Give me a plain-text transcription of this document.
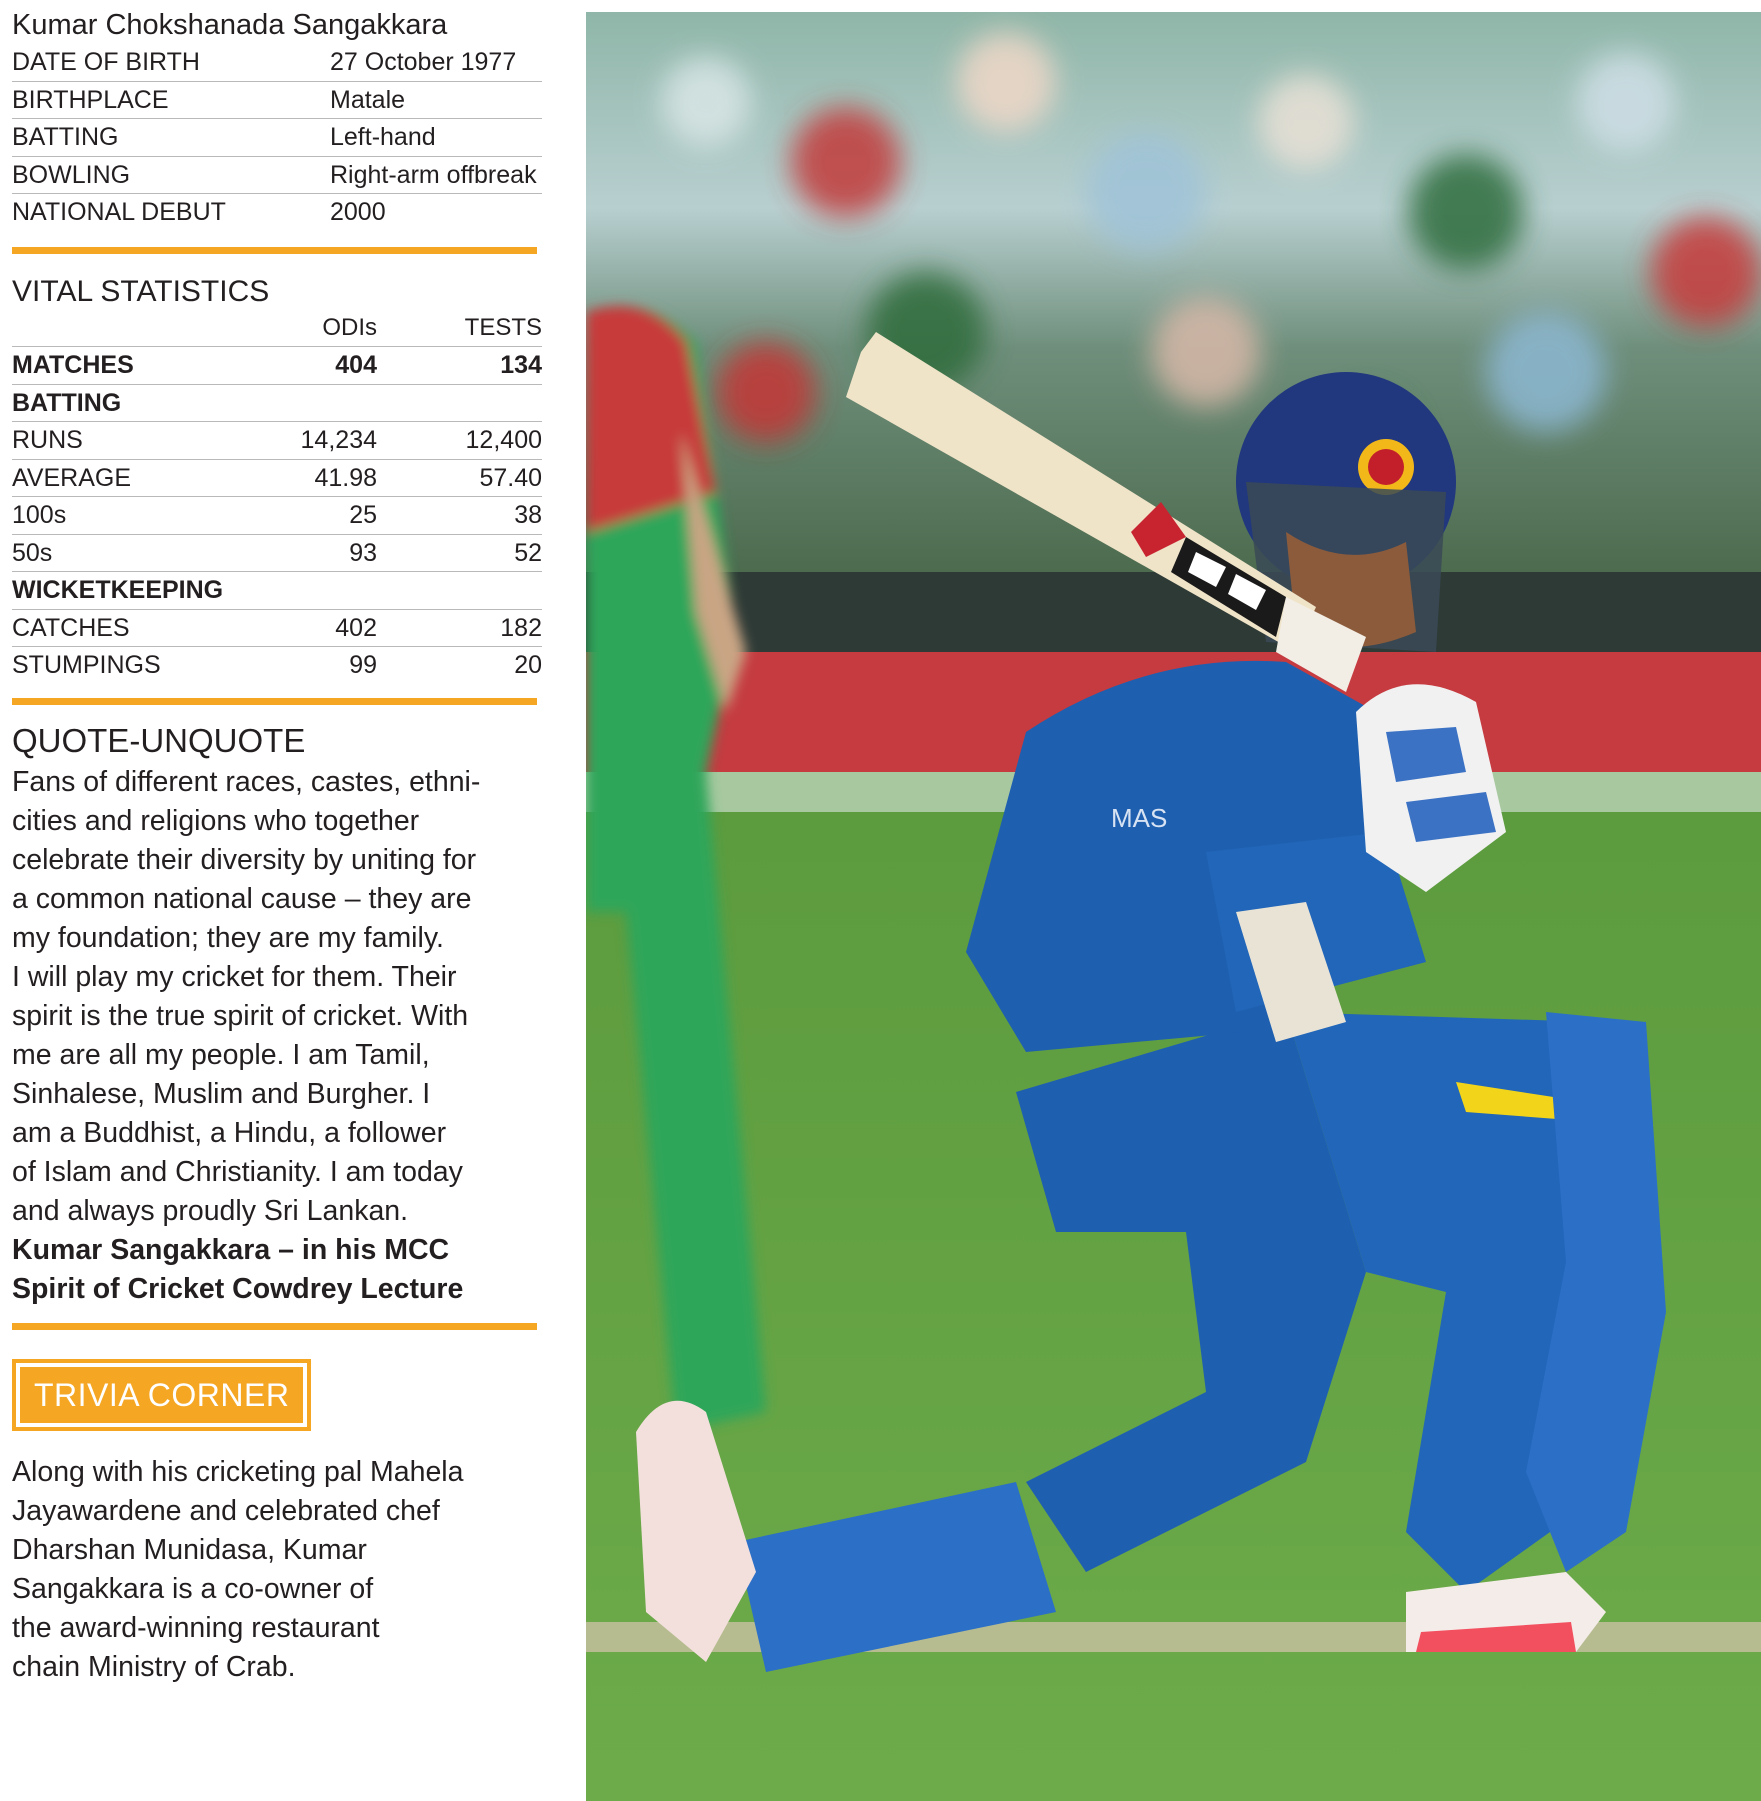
Kumar Chokshanada Sangakkara
DATE OF BIRTH	27 October 1977
BIRTHPLACE	Matale
BATTING	Left-hand
BOWLING	Right-arm offbreak
NATIONAL DEBUT	2000
VITAL STATISTICS
	ODIs	TESTS
MATCHES	404	134
BATTING		
RUNS	14,234	12,400
AVERAGE	41.98	57.40
100s	25	38
50s	93	52
WICKETKEEPING		
CATCHES	402	182
STUMPINGS	99	20
QUOTE-UNQUOTE

Fans of different races, castes, ethni-

cities and religions who together

celebrate their diversity by uniting for

a common national cause – they are

my foundation; they are my family.

I will play my cricket for them. Their

spirit is the true spirit of cricket. With

me are all my people. I am Tamil,

Sinhalese, Muslim and Burgher. I

am a Buddhist, a Hindu, a follower

of Islam and Christianity. I am today

and always proudly Sri Lankan.

Kumar Sangakkara – in his MCC

Spirit of Cricket Cowdrey Lecture

TRIVIA CORNER
Along with his cricketing pal Mahela
Jayawardene and celebrated chef
Dharshan Munidasa, Kumar
Sangakkara is a co-owner of
the award-winning restaurant
chain Ministry of Crab.
MAS
